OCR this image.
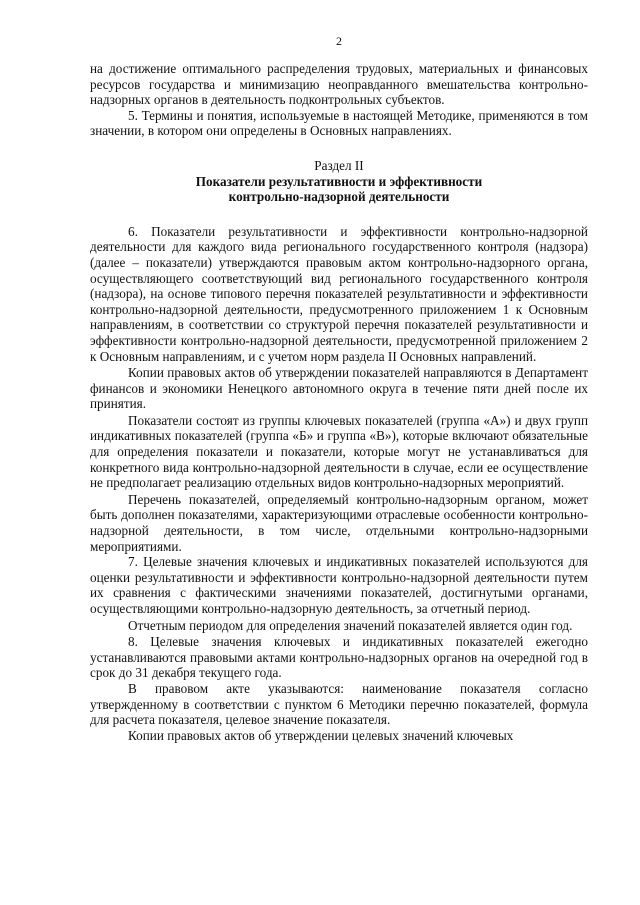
2

на достижение оптимального распределения трудовых, материальных и финансовых ресурсов государства и минимизацию неоправданного вмешательства контрольно-надзорных органов в деятельность подконтрольных субъектов.

5. Термины и понятия, используемые в настоящей Методике, применяются в том значении, в котором они определены в Основных направлениях.

Раздел II
Показатели результативности и эффективности
контрольно-надзорной деятельности

6. Показатели результативности и эффективности контрольно-надзорной деятельности для каждого вида регионального государственного контроля (надзора) (далее – показатели) утверждаются правовым актом контрольно-надзорного органа, осуществляющего соответствующий вид регионального государственного контроля (надзора), на основе типового перечня показателей результативности и эффективности контрольно-надзорной деятельности, предусмотренного приложением 1 к Основным направлениям, в соответствии со структурой перечня показателей результативности и эффективности контрольно-надзорной деятельности, предусмотренной приложением 2 к Основным направлениям, и с учетом норм раздела II Основных направлений.

Копии правовых актов об утверждении показателей направляются в Департамент финансов и экономики Ненецкого автономного округа в течение пяти дней после их принятия.

Показатели состоят из группы ключевых показателей (группа «А») и двух групп индикативных показателей (группа «Б» и группа «В»), которые включают обязательные для определения показатели и показатели, которые могут не устанавливаться для конкретного вида контрольно-надзорной деятельности в случае, если ее осуществление не предполагает реализацию отдельных видов контрольно-надзорных мероприятий.

Перечень показателей, определяемый контрольно-надзорным органом, может быть дополнен показателями, характеризующими отраслевые особенности контрольно-надзорной деятельности, в том числе, отдельными контрольно-надзорными мероприятиями.

7. Целевые значения ключевых и индикативных показателей используются для оценки результативности и эффективности контрольно-надзорной деятельности путем их сравнения с фактическими значениями показателей, достигнутыми органами, осуществляющими контрольно-надзорную деятельность, за отчетный период.

Отчетным периодом для определения значений показателей является один год.

8. Целевые значения ключевых и индикативных показателей ежегодно устанавливаются правовыми актами контрольно-надзорных органов на очередной год в срок до 31 декабря текущего года.

В правовом акте указываются: наименование показателя согласно утвержденному в соответствии с пунктом 6 Методики перечню показателей, формула для расчета показателя, целевое значение показателя.

Копии правовых актов об утверждении целевых значений ключевых
